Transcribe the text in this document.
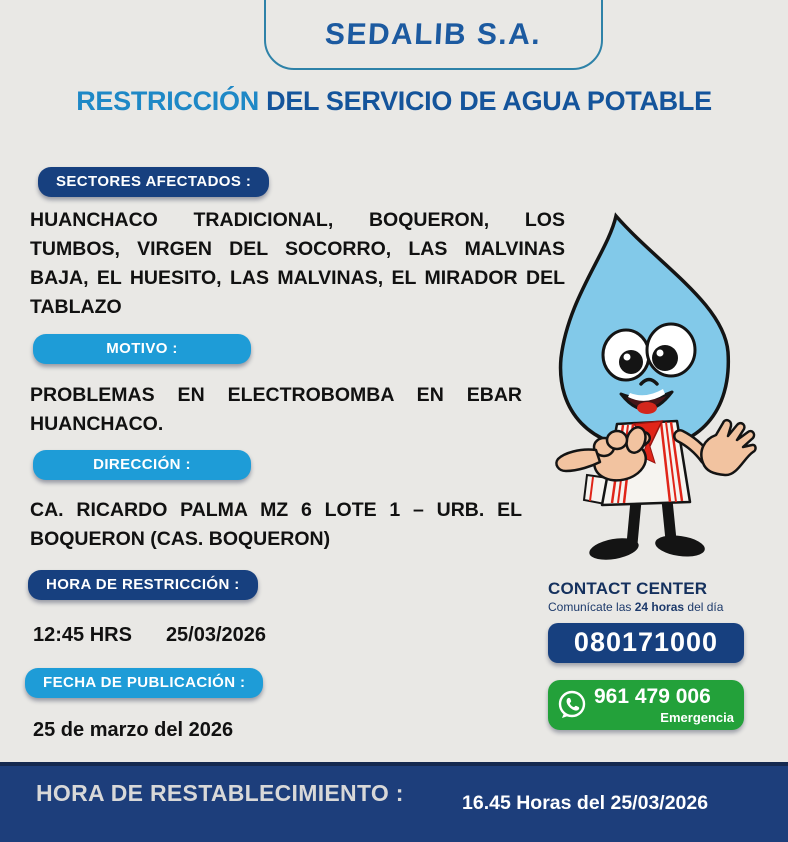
SEDALIB S.A.
RESTRICCIÓN DEL SERVICIO DE AGUA POTABLE
SECTORES AFECTADOS :
HUANCHACO TRADICIONAL, BOQUERON, LOS TUMBOS, VIRGEN DEL SOCORRO, LAS MALVINAS BAJA, EL HUESITO, LAS MALVINAS, EL MIRADOR DEL TABLAZO
MOTIVO :
PROBLEMAS EN ELECTROBOMBA EN EBAR HUANCHACO.
DIRECCIÓN :
CA. RICARDO PALMA MZ 6 LOTE 1 – URB. EL BOQUERON (CAS. BOQUERON)
HORA DE RESTRICCIÓN :
12:45 HRS 25/03/2026
FECHA DE PUBLICACIÓN :
25 de marzo del 2026
CONTACT CENTER
Comunícate las 24 horas del día
080171000
961 479 006
Emergencia
HORA DE RESTABLECIMIENTO :	16.45 Horas del 25/03/2026
